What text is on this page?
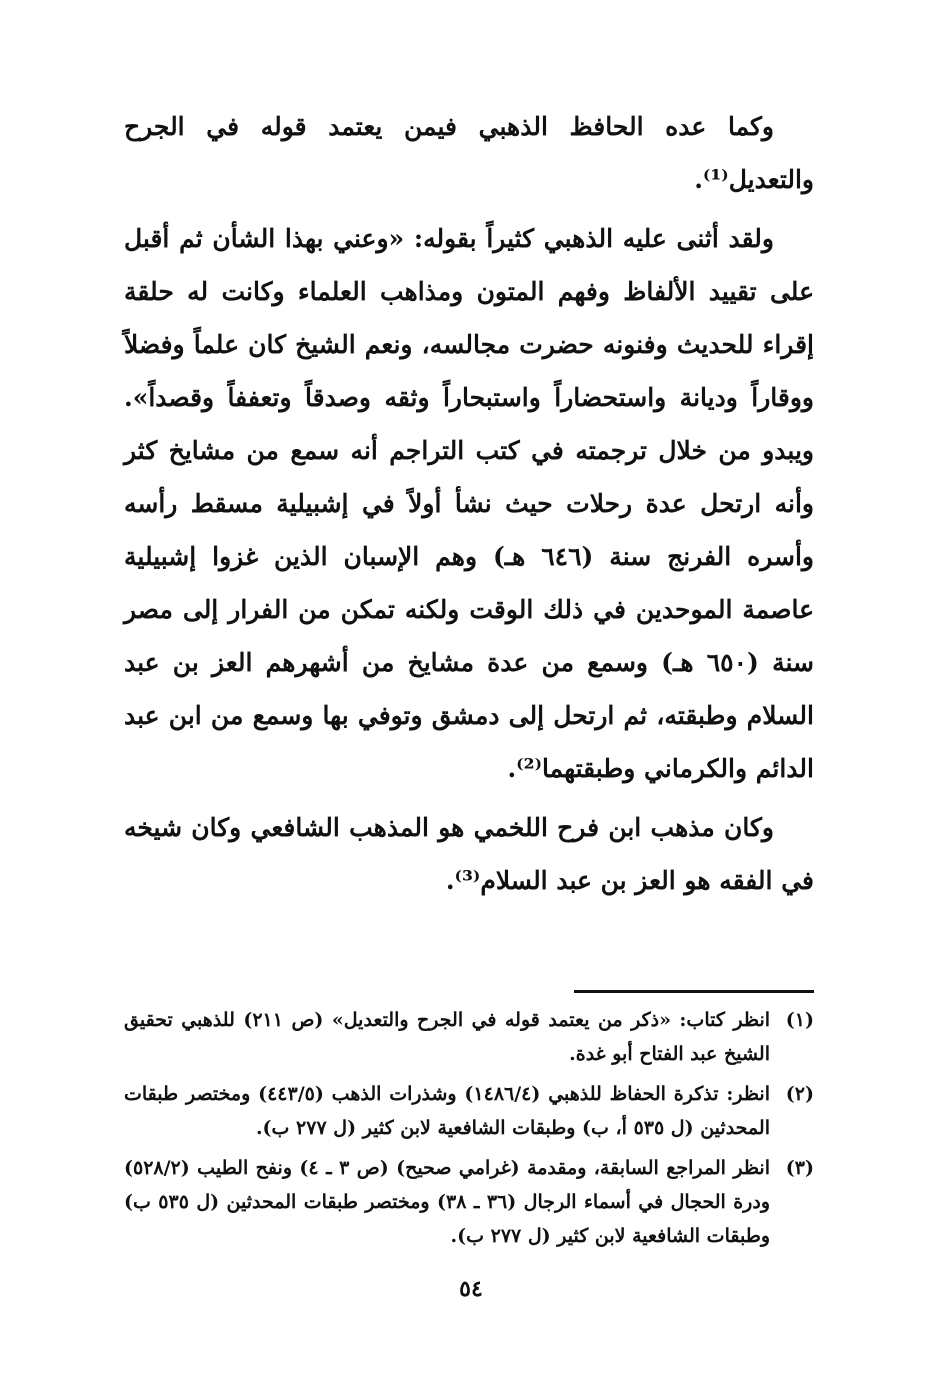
وكما عده الحافظ الذهبي فيمن يعتمد قوله في الجرح والتعديل⁽¹⁾.

ولقد أثنى عليه الذهبي كثيراً بقوله: «وعني بهذا الشأن ثم أقبل على تقييد الألفاظ وفهم المتون ومذاهب العلماء وكانت له حلقة إقراء للحديث وفنونه حضرت مجالسه، ونعم الشيخ كان علماً وفضلاً ووقاراً وديانة واستحضاراً واستبحاراً وثقه وصدقاً وتعففاً وقصداً». ويبدو من خلال ترجمته في كتب التراجم أنه سمع من مشايخ كثر وأنه ارتحل عدة رحلات حيث نشأ أولاً في إشبيلية مسقط رأسه وأسره الفرنج سنة (٦٤٦ هـ) وهم الإسبان الذين غزوا إشبيلية عاصمة الموحدين في ذلك الوقت ولكنه تمكن من الفرار إلى مصر سنة (٦٥٠ هـ) وسمع من عدة مشايخ من أشهرهم العز بن عبد السلام وطبقته، ثم ارتحل إلى دمشق وتوفي بها وسمع من ابن عبد الدائم والكرماني وطبقتهما⁽²⁾.

وكان مذهب ابن فرح اللخمي هو المذهب الشافعي وكان شيخه في الفقه هو العز بن عبد السلام⁽³⁾.

(١)
انظر كتاب: «ذكر من يعتمد قوله في الجرح والتعديل» (ص ٢١١) للذهبي تحقيق الشيخ عبد الفتاح أبو غدة.
(٢)
انظر: تذكرة الحفاظ للذهبي (١٤٨٦/٤) وشذرات الذهب (٤٤٣/٥) ومختصر طبقات المحدثين (ل ٥٣٥ أ، ب) وطبقات الشافعية لابن كثير (ل ٢٧٧ ب).
(٣)
انظر المراجع السابقة، ومقدمة (غرامي صحيح) (ص ٣ ـ ٤) ونفح الطيب (٥٢٨/٢) ودرة الحجال في أسماء الرجال (٣٦ ـ ٣٨) ومختصر طبقات المحدثين (ل ٥٣٥ ب) وطبقات الشافعية لابن كثير (ل ٢٧٧ ب).
٥٤
